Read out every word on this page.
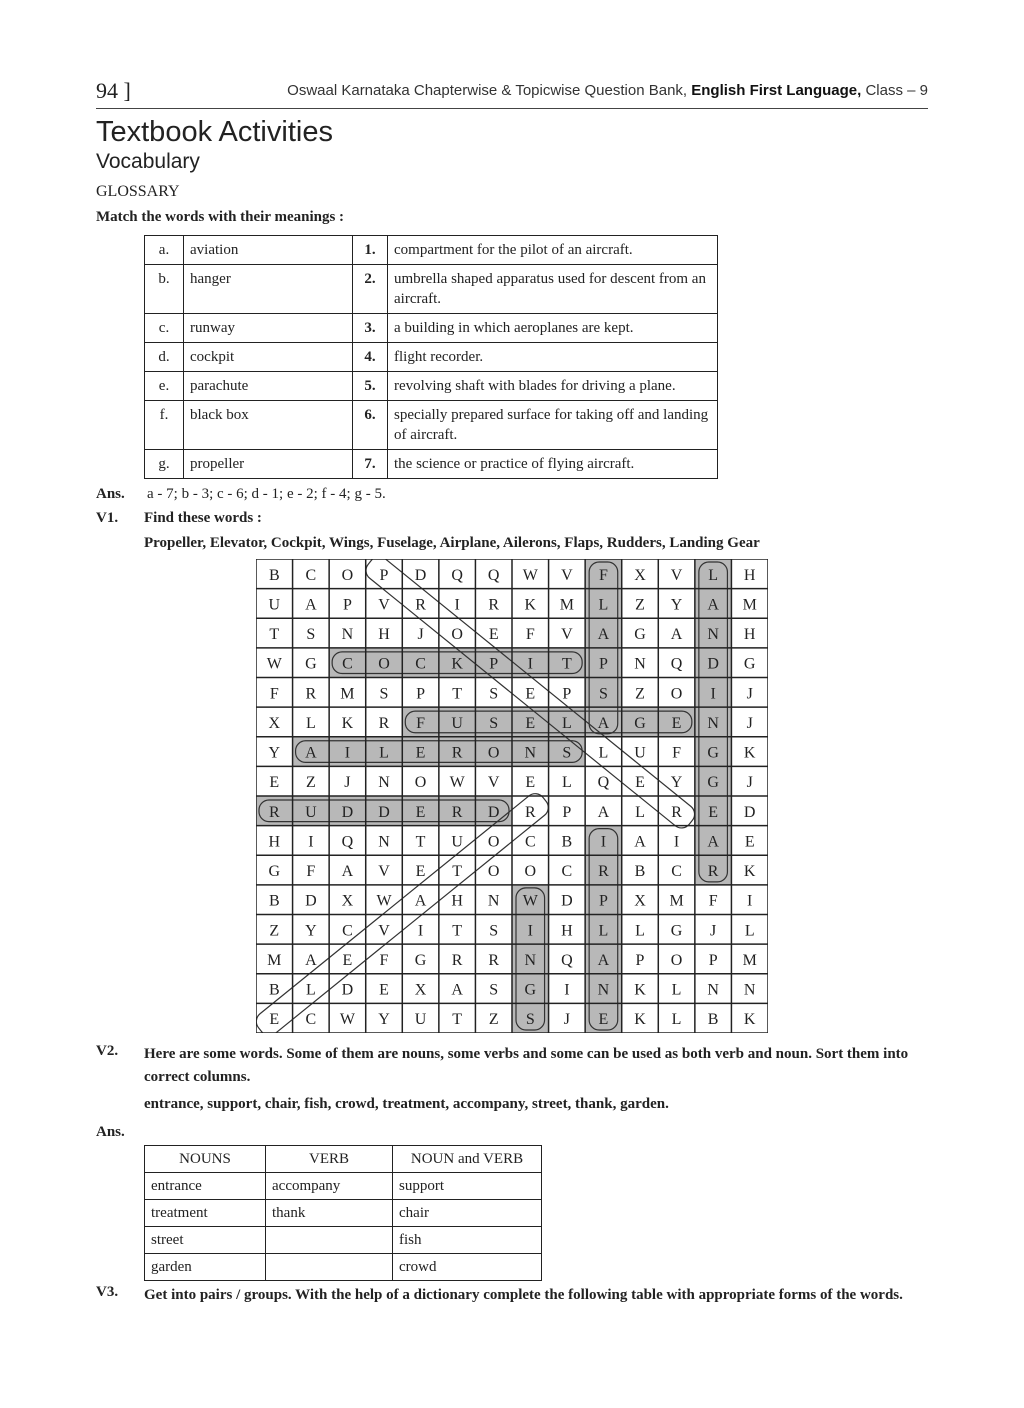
94 ]	Oswaal Karnataka Chapterwise & Topicwise Question Bank, English First Language, Class – 9
Textbook Activities
Vocabulary
GLOSSARY
Match the words with their meanings :
a.	aviation	1.	compartment for the pilot of an aircraft.
b.	hanger	2.	umbrella shaped apparatus used for descent from an aircraft.
c.	runway	3.	a building in which aeroplanes are kept.
d.	cockpit	4.	flight recorder.
e.	parachute	5.	revolving shaft with blades for driving a plane.
f.	black box	6.	specially prepared surface for taking off and landing of aircraft.
g.	propeller	7.	the science or practice of flying aircraft.
Ans. a - 7; b - 3; c - 6; d - 1; e - 2; f - 4; g - 5.
V1. Find these words :
Propeller, Elevator, Cockpit, Wings, Fuselage, Airplane, Ailerons, Flaps, Rudders, Landing Gear
B C O P D Q Q W V F X V L H
U A P V R I R K M L Z Y A M
T S N H J O E F V A G A N H
W G C O C K P I T P N Q D G
F R M S P T S E P S Z O I J
X L K R F U S E L A G E N J
Y A I L E R O N S L U F G K
E Z J N O W V E L Q E Y G J
R U D D E R D R P A L R E D
H I Q N T U O C B I A I A E
G F A V E T O O C R B C R K
B D X W A H N W D P X M F I
Z Y C V I T S I H L L G J L
M A E F G R R N Q A P O P M
B L D E X A S G I N K L N N
E C W Y U T Z S J E K L B K
V2. Here are some words. Some of them are nouns, some verbs and some can be used as both verb and noun. Sort them into correct columns.
entrance, support, chair, fish, crowd, treatment, accompany, street, thank, garden.
Ans.
NOUNS	VERB	NOUN and VERB
entrance	accompany	support
treatment	thank	chair
street		fish
garden		crowd
V3. Get into pairs / groups. With the help of a dictionary complete the following table with appropriate forms of the words.
